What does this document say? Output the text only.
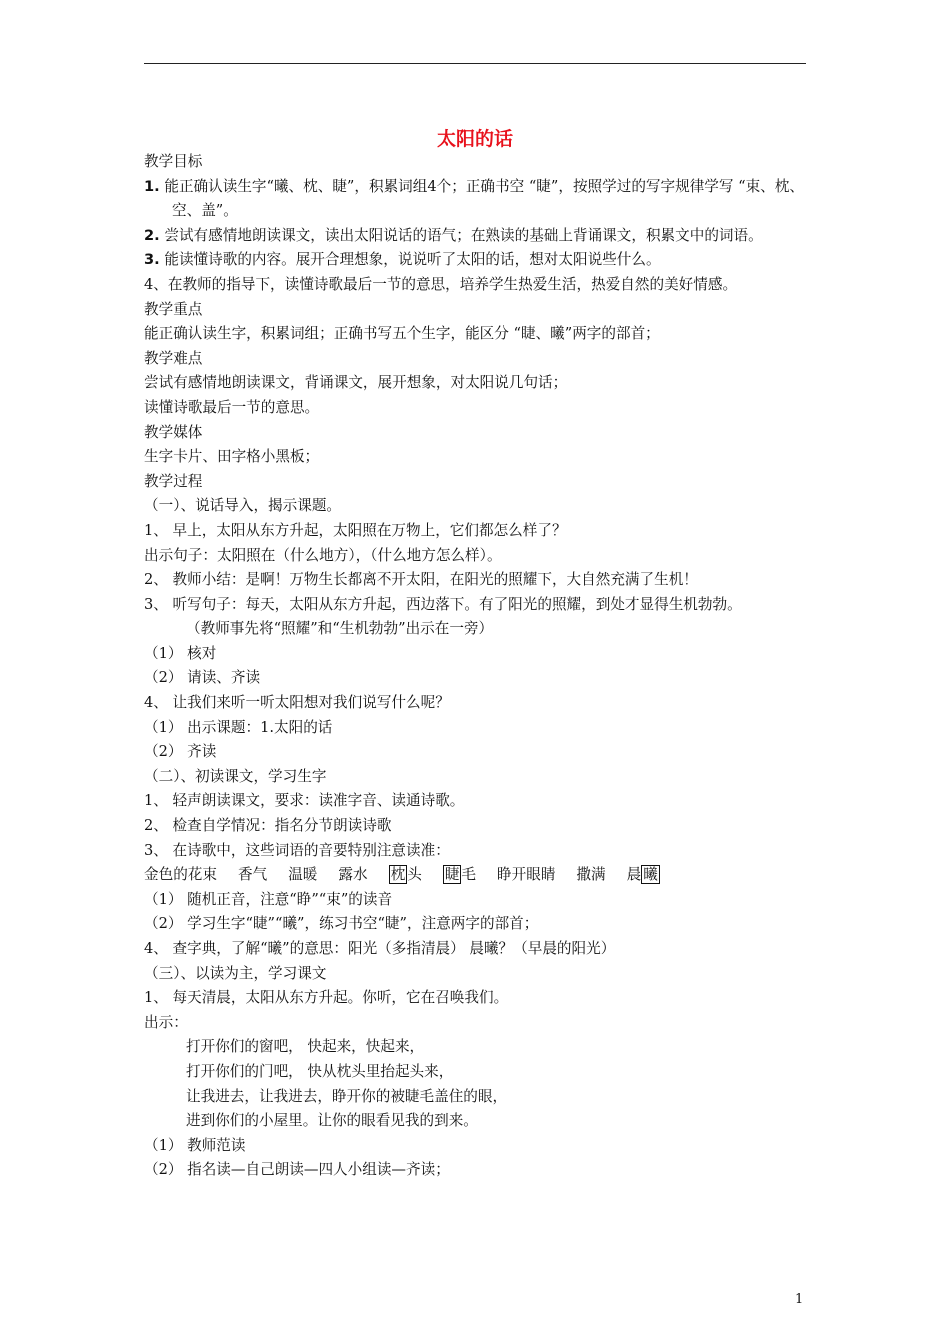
太阳的话
教学目标
1. 能正确认读生字“曦、枕、睫”，积累词组4个；正确书空 “睫”，按照学过的写字规律学写 “束、枕、空、盖”。
2. 尝试有感情地朗读课文，读出太阳说话的语气；在熟读的基础上背诵课文，积累文中的词语。
3. 能读懂诗歌的内容。展开合理想象，说说听了太阳的话，想对太阳说些什么。
4、在教师的指导下，读懂诗歌最后一节的意思，培养学生热爱生活，热爱自然的美好情感。
教学重点
能正确认读生字，积累词组；正确书写五个生字，能区分 “睫、曦”两字的部首；
教学难点
尝试有感情地朗读课文，背诵课文，展开想象，对太阳说几句话；
读懂诗歌最后一节的意思。
教学媒体
生字卡片、田字格小黑板；
教学过程
（一）、说话导入，揭示课题。
1、 早上，太阳从东方升起，太阳照在万物上，它们都怎么样了？
出示句子：太阳照在（什么地方），（什么地方怎么样）。
2、 教师小结：是啊！万物生长都离不开太阳，在阳光的照耀下，大自然充满了生机！
3、 听写句子：每天，太阳从东方升起，西边落下。有了阳光的照耀，到处才显得生机勃勃。
（教师事先将“照耀”和“生机勃勃”出示在一旁）
（1） 核对
（2） 请读、齐读
4、 让我们来听一听太阳想对我们说写什么呢？
（1） 出示课题：1.太阳的话
（2） 齐读
（二）、初读课文，学习生字
1、 轻声朗读课文，要求：读准字音、读通诗歌。
2、 检查自学情况：指名分节朗读诗歌
3、 在诗歌中，这些词语的音要特别注意读准：
金色的花束 香气 温暖 露水 枕 头 睫 毛 睁开眼睛 撒满 晨 曦
（1） 随机正音，注意“睁”“束”的读音
（2） 学习生字“睫”“曦”，练习书空“睫”，注意两字的部首；
4、 查字典，了解“曦”的意思：阳光（多指清晨） 晨曦？（早晨的阳光）
（三）、以读为主，学习课文
1、 每天清晨，太阳从东方升起。你听，它在召唤我们。
出示：
打开你们的窗吧， 快起来，快起来，
打开你们的门吧， 快从枕头里抬起头来，
让我进去，让我进去，睁开你的被睫毛盖住的眼，
进到你们的小屋里。让你的眼看见我的到来。
（1） 教师范读
（2） 指名读—自己朗读—四人小组读—齐读；
1
